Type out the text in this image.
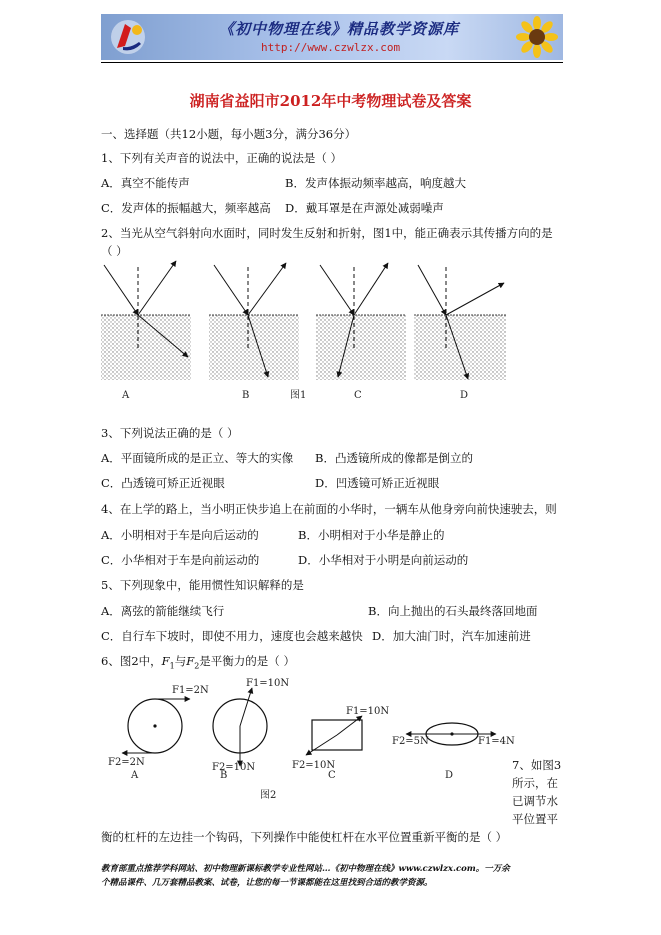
《初中物理在线》精品教学资源库
http://www.czwlzx.com
湖南省益阳市2012年中考物理试卷及答案
一、选择题（共12小题，每小题3分，满分36分）
1、下列有关声音的说法中，正确的说法是（ ）
A．真空不能传声	B．发声体振动频率越高，响度越大
C．发声体的振幅越大，频率越高 D．戴耳罩是在声源处减弱噪声
2、当光从空气斜射向水面时，同时发生反射和折射，图1中，能正确表示其传播方向的是
（ ）
A	B	C	D
图1
3、下列说法正确的是（ ）
A．平面镜所成的是正立、等大的实像 B．凸透镜所成的像都是倒立的
C．凸透镜可矫正近视眼	D．凹透镜可矫正近视眼
4、在上学的路上，当小明正快步追上在前面的小华时，一辆车从他身旁向前快速驶去，则
A．小明相对于车是向后运动的	B．小明相对于小华是静止的
C．小华相对于车是向前运动的	D．小华相对于小明是向前运动的
5、下列现象中，能用惯性知识解释的是
A．离弦的箭能继续飞行	B．向上抛出的石头最终落回地面
C．自行车下坡时，即使不用力，速度也会越来越快 D．加大油门时，汽车加速前进
6、图2中，$F_1$与$F_2$是平衡力的是（ ）
F1=2N
F2=2N
F1=10N
F2=10N
F1=10N
F2=10N
F1=4N
F2=5N
A	B	C	D
图2
7、如图3
所示，在
已调节水
平位置平
衡的杠杆的左边挂一个钩码，下列操作中能使杠杆在水平位置重新平衡的是（ ）
教育部重点推荐学科网站、初中物理新课标教学专业性网站…《初中物理在线》www.czwlzx.com。一万余
个精品课件、几万套精品教案、试卷，让您的每一节课都能在这里找到合适的教学资源。
